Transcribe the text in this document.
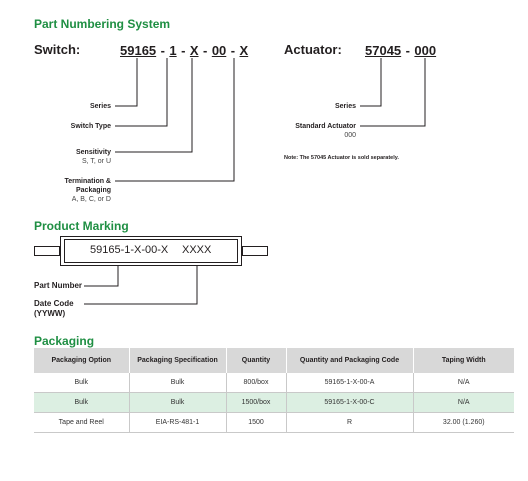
Part Numbering System
Switch:	59165 - 1 - X - 00 - X	Actuator: 57045 - 000
Series
Switch Type
Sensitivity
S, T, or U
Termination &
Packaging
A, B, C, or D
Series
Standard Actuator
000
Note: The 57045 Actuator is sold separately.
Product Marking
59165-1-X-00-X XXXX
Part Number
Date Code
(YYWW)
Packaging
Packaging Option	Packaging Specification	Quantity	Quantity and Packaging Code	Taping Width
Bulk	Bulk	800/box	59165-1-X-00-A	N/A
Bulk	Bulk	1500/box	59165-1-X-00-C	N/A
Tape and Reel	EIA-RS-481-1	1500	R	32.00 (1.260)
